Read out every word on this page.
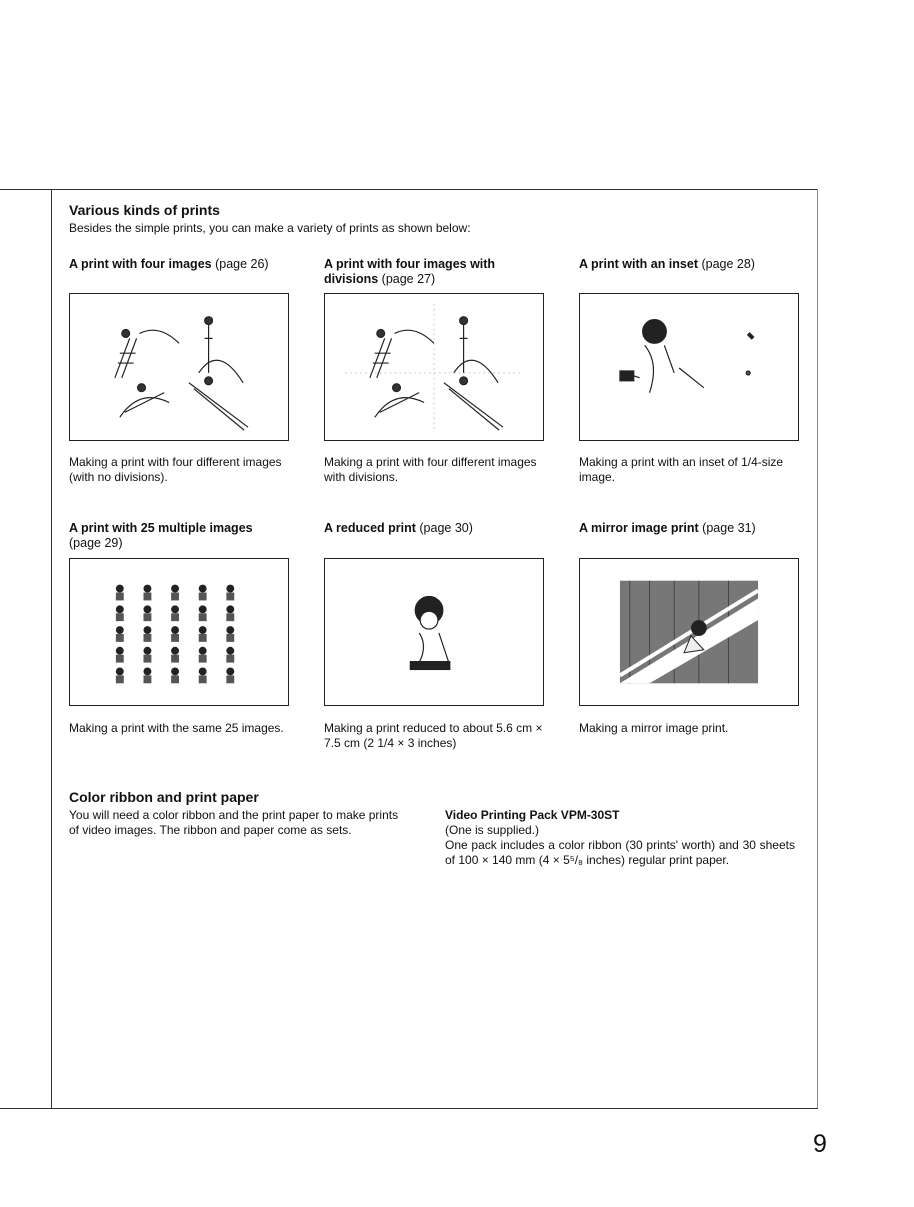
Various kinds of prints

Besides the simple prints, you can make a variety of prints as shown below:

A print with four images (page 26)	A print with four images with divisions (page 27)
A print with an inset (page 28)
Making a print with four different images (with no divisions).
Making a print with four different images with divisions.
Making a print with an inset of 1/4-size image.
A print with 25 multiple images (page 29)
A reduced print (page 30)	A mirror image print (page 31)
Making a print with the same 25 images.	Making a print reduced to about 5.6 cm × 7.5 cm (2 1/4 × 3 inches)
Making a mirror image print.
Color ribbon and print paper
You will need a color ribbon and the print paper to make prints of video images. The ribbon and paper come as sets.
Video Printing Pack VPM-30ST
(One is supplied.)
One pack includes a color ribbon (30 prints' worth) and 30 sheets of 100 × 140 mm (4 × 5⁵/₈ inches) regular print paper.
9
